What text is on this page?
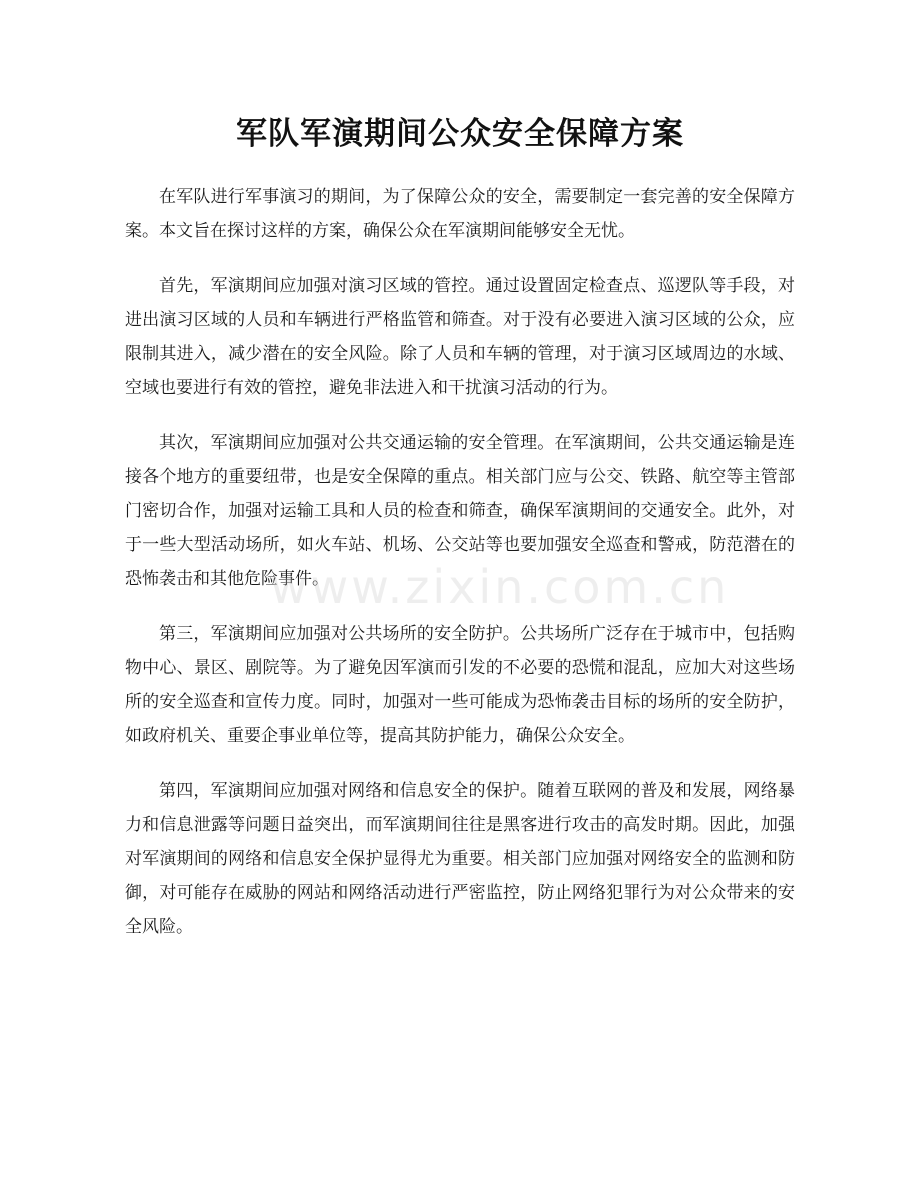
军队军演期间公众安全保障方案

在军队进行军事演习的期间，为了保障公众的安全，需要制定一套完善的安全保障方案。本文旨在探讨这样的方案，确保公众在军演期间能够安全无忧。

首先，军演期间应加强对演习区域的管控。通过设置固定检查点、巡逻队等手段，对进出演习区域的人员和车辆进行严格监管和筛查。对于没有必要进入演习区域的公众，应限制其进入，减少潜在的安全风险。除了人员和车辆的管理，对于演习区域周边的水域、空域也要进行有效的管控，避免非法进入和干扰演习活动的行为。

其次，军演期间应加强对公共交通运输的安全管理。在军演期间，公共交通运输是连接各个地方的重要纽带，也是安全保障的重点。相关部门应与公交、铁路、航空等主管部门密切合作，加强对运输工具和人员的检查和筛查，确保军演期间的交通安全。此外，对于一些大型活动场所，如火车站、机场、公交站等也要加强安全巡查和警戒，防范潜在的恐怖袭击和其他危险事件。

第三，军演期间应加强对公共场所的安全防护。公共场所广泛存在于城市中，包括购物中心、景区、剧院等。为了避免因军演而引发的不必要的恐慌和混乱，应加大对这些场所的安全巡查和宣传力度。同时，加强对一些可能成为恐怖袭击目标的场所的安全防护，如政府机关、重要企事业单位等，提高其防护能力，确保公众安全。

第四，军演期间应加强对网络和信息安全的保护。随着互联网的普及和发展，网络暴力和信息泄露等问题日益突出，而军演期间往往是黑客进行攻击的高发时期。因此，加强对军演期间的网络和信息安全保护显得尤为重要。相关部门应加强对网络安全的监测和防御，对可能存在威胁的网站和网络活动进行严密监控，防止网络犯罪行为对公众带来的安全风险。

www.zixin.com.cn
